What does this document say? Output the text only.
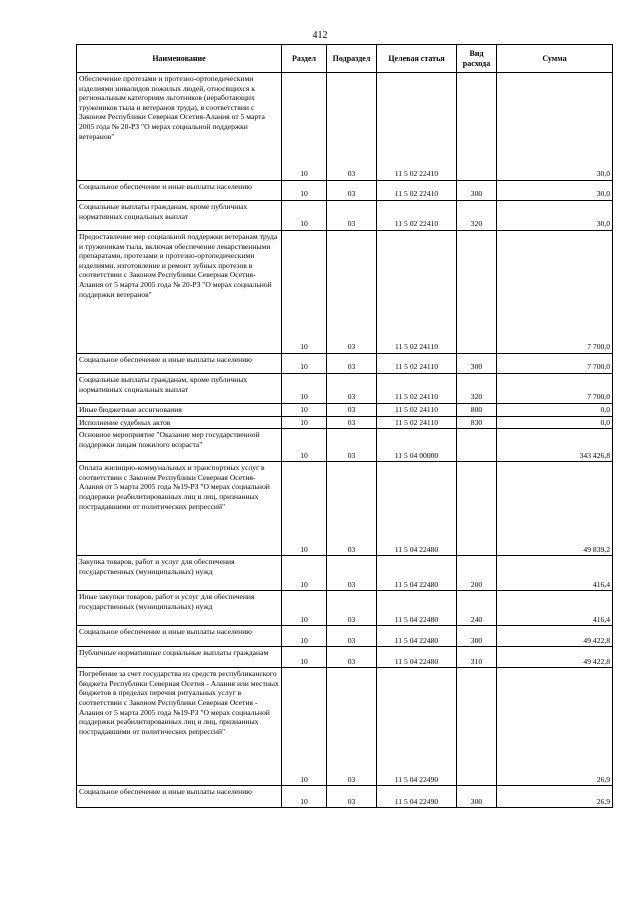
412
Наименование	Раздел	Подраздел	Целевая статья	Вид расхода	Сумма
Обеспечение протезами и протезно-ортопедическими изделиями инвалидов пожилых людей, относящихся к региональным категориям льготников (неработающих тружеников тыла и ветеранов труда), в соответствии с Законом Республики Северная Осетия-Алания от 5 марта 2005 года № 20-РЗ "О мерах социальной поддержки ветеранов"	10	03	11 5 02 22410		30,0
Социальное обеспечение и иные выплаты населению	10	03	11 5 02 22410	300	30,0
Социальные выплаты гражданам, кроме публичных нормативных социальных выплат	10	03	11 5 02 22410	320	30,0
Предоставление мер социальной поддержки ветеранам труда и труженикам тыла, включая обеспечение лекарственными препаратами, протезами и протезно-ортопедическими изделиями, изготовление и ремонт зубных протезов в соответствии с Законом Республики Северная Осетия-Алания от 5 марта 2005 года № 20-РЗ "О мерах социальной поддержки ветеранов"	10	03	11 5 02 24110		7 700,0
Социальное обеспечение и иные выплаты населению	10	03	11 5 02 24110	300	7 700,0
Социальные выплаты гражданам, кроме публичных нормативных социальных выплат	10	03	11 5 02 24110	320	7 700,0
Иные бюджетные ассигнования	10	03	11 5 02 24110	800	0,0
Исполнение судебных актов	10	03	11 5 02 24110	830	0,0
Основное мероприятие "Оказание мер государственной поддержки лицам пожилого возраста"	10	03	11 5 04 00000		343 426,8
Оплата жилищно-коммунальных и транспортных услуг в соответствии с Законом Республики Северная Осетия-Алания от 5 марта 2005 года №19-РЗ "О мерах социальной поддержки реабилитированных лиц и лиц, признанных пострадавшими от политических репрессий"	10	03	11 5 04 22480		49 839,2
Закупка товаров, работ и услуг для обеспечения государственных (муниципальных) нужд	10	03	11 5 04 22480	200	416,4
Иные закупки товаров, работ и услуг для обеспечения государственных (муниципальных) нужд	10	03	11 5 04 22480	240	416,4
Социальное обеспечение и иные выплаты населению	10	03	11 5 04 22480	300	49 422,8
Публичные нормативные социальные выплаты гражданам	10	03	11 5 04 22480	310	49 422,8
Погребение за счет государства из средств республиканского бюджета Республики Северная Осетия - Алания или местных бюджетов в пределах перечня ритуальных услуг в соответствии с Законом Республики Северная Осетия - Алания от 5 марта 2005 года №19-РЗ "О мерах социальной поддержки реабилитированных лиц и лиц, признанных пострадавшими от политических репрессий"	10	03	11 5 04 22490		26,9
Социальное обеспечение и иные выплаты населению	10	03	11 5 04 22490	300	26,9
